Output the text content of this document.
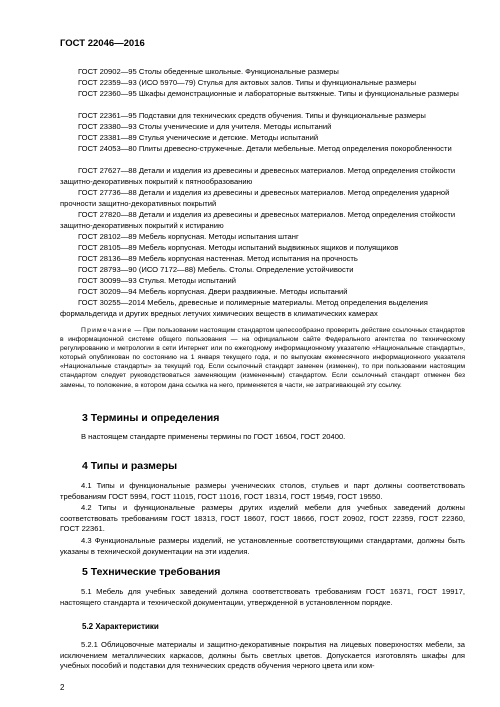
ГОСТ 22046—2016
ГОСТ 20902—95 Столы обеденные школьные. Функциональные размеры
ГОСТ 22359—93 (ИСО 5970—79) Стулья для актовых залов. Типы и функциональные размеры
ГОСТ 22360—95 Шкафы демонстрационные и лабораторные вытяжные. Типы и функциональные размеры
ГОСТ 22361—95 Подставки для технических средств обучения. Типы и функциональные размеры
ГОСТ 23380—93 Столы ученические и для учителя. Методы испытаний
ГОСТ 23381—89 Стулья ученические и детские. Методы испытаний
ГОСТ 24053—80 Плиты древесно-стружечные. Детали мебельные. Метод определения покоробленности
ГОСТ 27627—88 Детали и изделия из древесины и древесных материалов. Метод определения стойкости защитно-декоративных покрытий к пятнообразованию
ГОСТ 27736—88 Детали и изделия из древесины и древесных материалов. Метод определения ударной прочности защитно-декоративных покрытий
ГОСТ 27820—88 Детали и изделия из древесины и древесных материалов. Метод определения стойкости защитно-декоративных покрытий к истиранию
ГОСТ 28102—89 Мебель корпусная. Методы испытания штанг
ГОСТ 28105—89 Мебель корпусная. Методы испытаний выдвижных ящиков и полуящиков
ГОСТ 28136—89 Мебель корпусная настенная. Метод испытания на прочность
ГОСТ 28793—90 (ИСО 7172—88) Мебель. Столы. Определение устойчивости
ГОСТ 30099—93 Стулья. Методы испытаний
ГОСТ 30209—94 Мебель корпусная. Двери раздвижные. Методы испытаний
ГОСТ 30255—2014 Мебель, древесные и полимерные материалы. Метод определения выделения формальдегида и других вредных летучих химических веществ в климатических камерах
Примечание — При пользовании настоящим стандартом целесообразно проверить действие ссылочных стандартов в информационной системе общего пользования — на официальном сайте Федерального агентства по техническому регулированию и метрологии в сети Интернет или по ежегодному информационному указателю «Национальные стандарты», который опубликован по состоянию на 1 января текущего года, и по выпускам ежемесячного информационного указателя «Национальные стандарты» за текущий год. Если ссылочный стандарт заменен (изменен), то при пользовании настоящим стандартом следует руководствоваться заменяющим (измененным) стандартом. Если ссылочный стандарт отменен без замены, то положение, в котором дана ссылка на него, применяется в части, не затрагивающей эту ссылку.
3 Термины и определения
В настоящем стандарте применены термины по ГОСТ 16504, ГОСТ 20400.
4 Типы и размеры
4.1 Типы и функциональные размеры ученических столов, стульев и парт должны соответствовать требованиям ГОСТ 5994, ГОСТ 11015, ГОСТ 11016, ГОСТ 18314, ГОСТ 19549, ГОСТ 19550.
4.2 Типы и функциональные размеры других изделий мебели для учебных заведений должны соответствовать требованиям ГОСТ 18313, ГОСТ 18607, ГОСТ 18666, ГОСТ 20902, ГОСТ 22359, ГОСТ 22360, ГОСТ 22361.
4.3 Функциональные размеры изделий, не установленные соответствующими стандартами, должны быть указаны в технической документации на эти изделия.
5 Технические требования
5.1 Мебель для учебных заведений должна соответствовать требованиям ГОСТ 16371, ГОСТ 19917, настоящего стандарта и технической документации, утвержденной в установленном порядке.
5.2 Характеристики
5.2.1 Облицовочные материалы и защитно-декоративные покрытия на лицевых поверхностях мебели, за исключением металлических каркасов, должны быть светлых цветов. Допускается изготовлять шкафы для учебных пособий и подставки для технических средств обучения черного цвета или ком-
2
